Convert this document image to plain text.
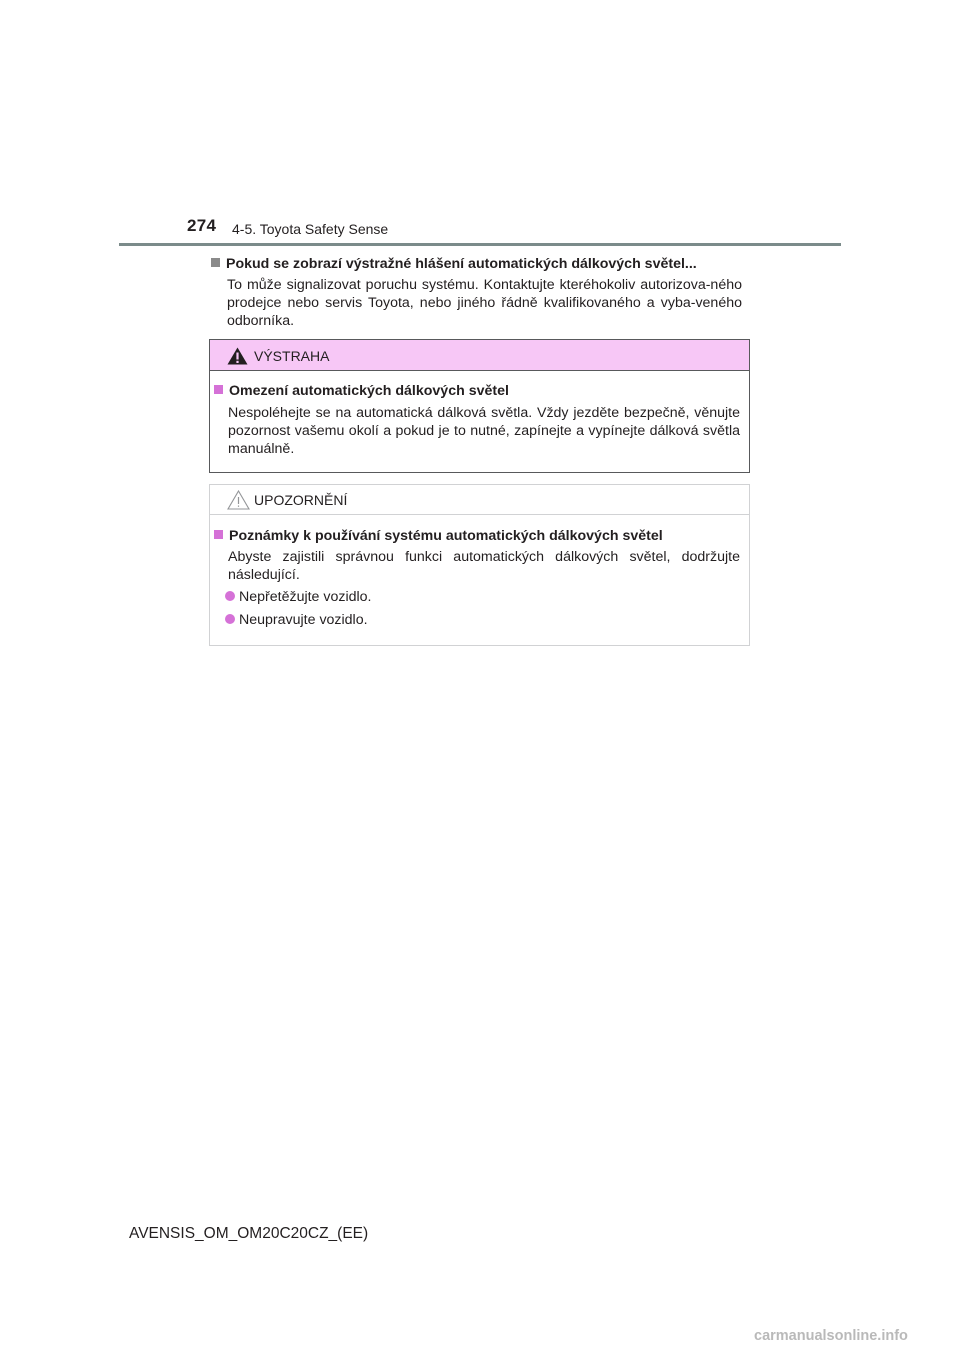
274 4-5. Toyota Safety Sense
Pokud se zobrazí výstražné hlášení automatických dálkových světel...
To může signalizovat poruchu systému. Kontaktujte kteréhokoliv autorizova-ného prodejce nebo servis Toyota, nebo jiného řádně kvalifikovaného a vyba-veného odborníka.
VÝSTRAHA
Omezení automatických dálkových světel
Nespoléhejte se na automatická dálková světla. Vždy jezděte bezpečně, věnujte pozornost vašemu okolí a pokud je to nutné, zapínejte a vypínejte dálková světla manuálně.
UPOZORNĚNÍ
Poznámky k používání systému automatických dálkových světel
Abyste zajistili správnou funkci automatických dálkových světel, dodržujte následující.
Nepřetěžujte vozidlo.
Neupravujte vozidlo.
AVENSIS_OM_OM20C20CZ_(EE)
carmanualsonline.info
